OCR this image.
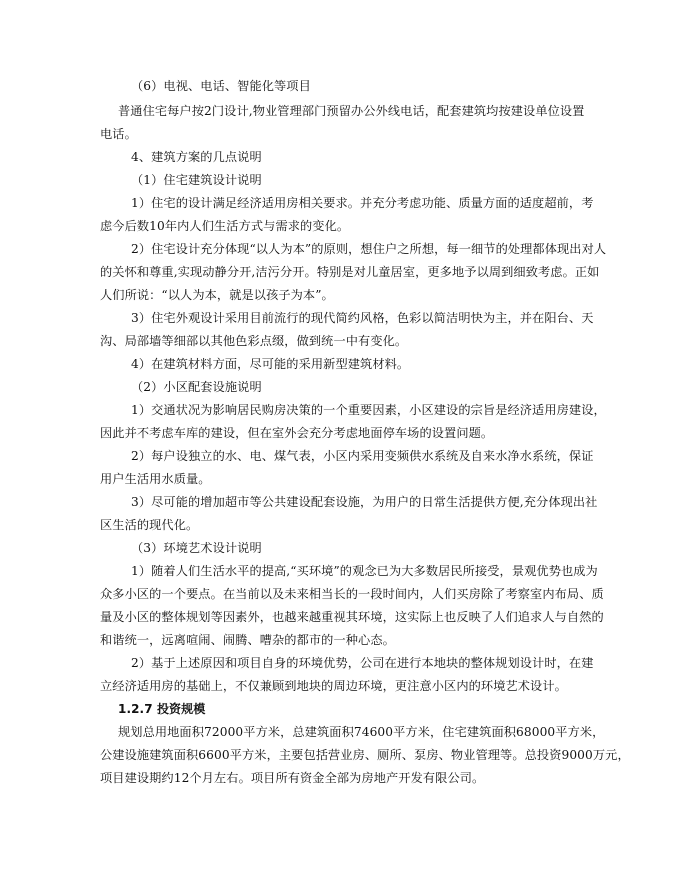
（6）电视、电话、智能化等项目
普通住宅每户按2门设计,物业管理部门预留办公外线电话，配套建筑均按建设单位设置
电话。
4、建筑方案的几点说明
（1）住宅建筑设计说明
1）住宅的设计满足经济适用房相关要求。并充分考虑功能、质量方面的适度超前，考
虑今后数10年内人们生活方式与需求的变化。
2）住宅设计充分体现“以人为本”的原则，想住户之所想，每一细节的处理都体现出对人
的关怀和尊重,实现动静分开,洁污分开。特别是对儿童居室，更多地予以周到细致考虑。正如
人们所说：“以人为本，就是以孩子为本”。
3）住宅外观设计采用目前流行的现代简约风格，色彩以简洁明快为主，并在阳台、天
沟、局部墙等细部以其他色彩点缀，做到统一中有变化。
4）在建筑材料方面，尽可能的采用新型建筑材料。
（2）小区配套设施说明
1）交通状况为影响居民购房决策的一个重要因素，小区建设的宗旨是经济适用房建设，
因此并不考虑车库的建设，但在室外会充分考虑地面停车场的设置问题。
2）每户设独立的水、电、煤气表，小区内采用变频供水系统及自来水净水系统，保证
用户生活用水质量。
3）尽可能的增加超市等公共建设配套设施，为用户的日常生活提供方便,充分体现出社
区生活的现代化。
（3）环境艺术设计说明
1）随着人们生活水平的提高,“买环境”的观念已为大多数居民所接受，景观优势也成为
众多小区的一个要点。在当前以及未来相当长的一段时间内，人们买房除了考察室内布局、质
量及小区的整体规划等因素外，也越来越重视其环境，这实际上也反映了人们追求人与自然的
和谐统一，远离喧闹、闹腾、嘈杂的都市的一种心态。
2）基于上述原因和项目自身的环境优势，公司在进行本地块的整体规划设计时，在建
立经济适用房的基础上，不仅兼顾到地块的周边环境，更注意小区内的环境艺术设计。
1.2.7 投资规模
规划总用地面积72000平方米，总建筑面积74600平方米，住宅建筑面积68000平方米，
公建设施建筑面积6600平方米，主要包括营业房、厕所、泵房、物业管理等。总投资9000万元，
项目建设期约12个月左右。项目所有资金全部为房地产开发有限公司。
